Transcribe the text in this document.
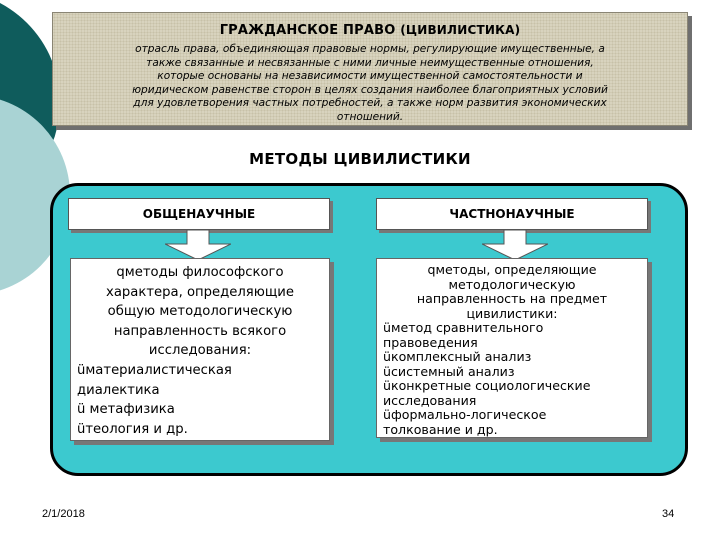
ГРАЖДАНСКОЕ ПРАВО (ЦИВИЛИСТИКА)
отрасль права, объединяющая правовые нормы, регулирующие имущественные, а
также связанные и несвязанные с ними личные неимущественные отношения,
которые основаны на независимости имущественной самостоятельности и
юридическом равенстве сторон в целях создания наиболее благоприятных условий
для удовлетворения частных потребностей, а также норм развития экономических
отношений.
МЕТОДЫ ЦИВИЛИСТИКИ
ОБЩЕНАУЧНЫЕ
qметоды философского
характера, определяющие
общую методологическую
направленность всякого
исследования:
üматериалистическая
диалектика
ü метафизика
üтеология и др.
ЧАСТНОНАУЧНЫЕ
qметоды, определяющие
методологическую
направленность на предмет
цивилистики:
üметод сравнительного
правоведения
üкомплексный анализ
üсистемный анализ
üконкретные социологические
исследования
üформально-логическое
толкование и др.
2/1/2018	34
